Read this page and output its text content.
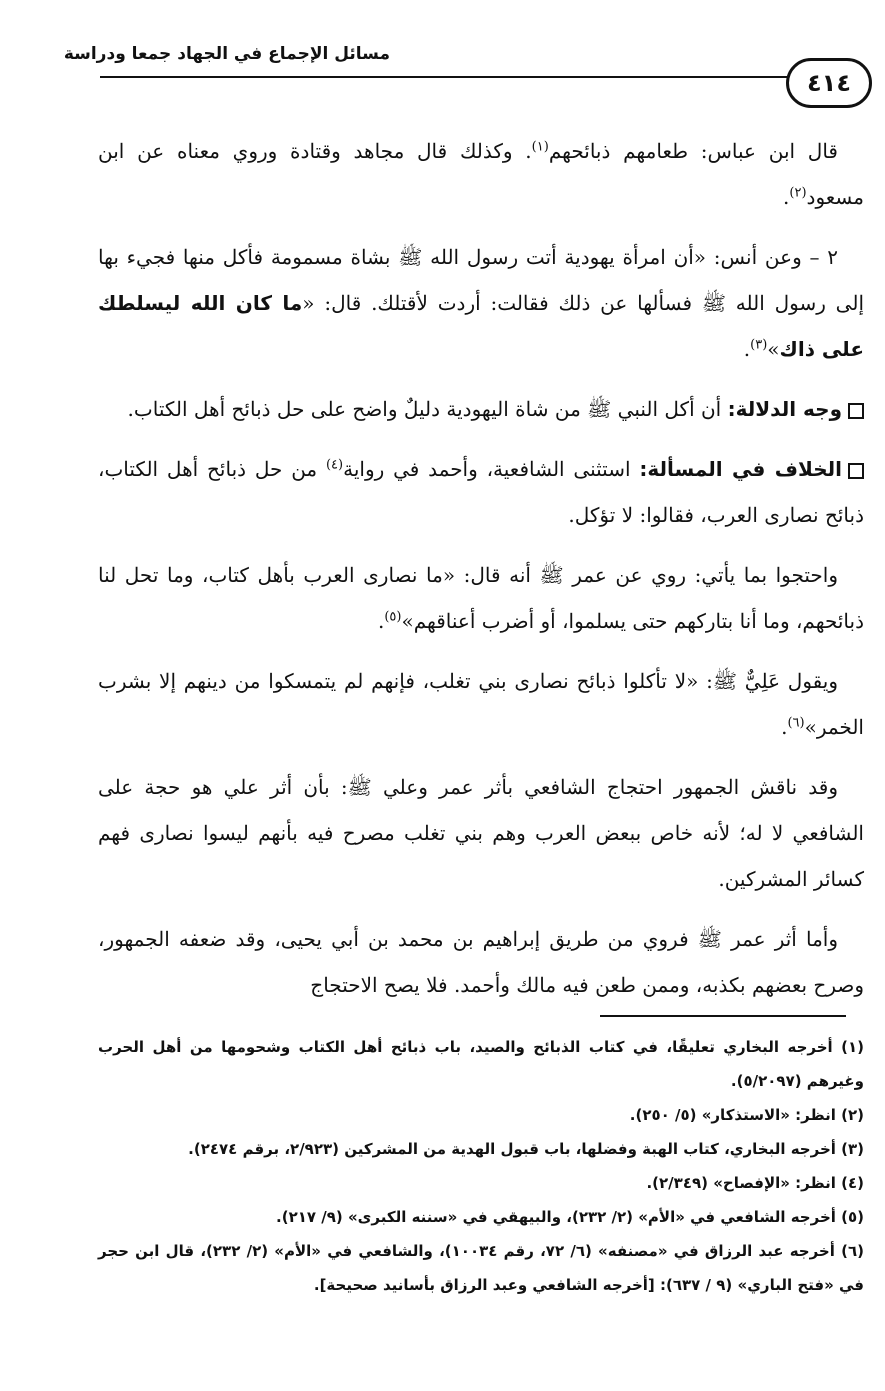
مسائل الإجماع في الجهاد جمعا ودراسة
٤١٤

قال ابن عباس: طعامهم ذبائحهم$^{(١)}$. وكذلك قال مجاهد وقتادة وروي معناه عن ابن مسعود$^{(٢)}$.

٢ – وعن أنس: «أن امرأة يهودية أتت رسول الله ﷺ بشاة مسمومة فأكل منها فجيء بها إلى رسول الله ﷺ فسألها عن ذلك فقالت: أردت لأقتلك. قال: «ما كان الله ليسلطك على ذاك»$^{(٣)}$.

وجه الدلالة: أن أكل النبي ﷺ من شاة اليهودية دليلٌ واضح على حل ذبائح أهل الكتاب.

الخلاف في المسألة: استثنى الشافعية، وأحمد في رواية$^{(٤)}$ من حل ذبائح أهل الكتاب، ذبائح نصارى العرب، فقالوا: لا تؤكل.

واحتجوا بما يأتي: روي عن عمر ﷺ أنه قال: «ما نصارى العرب بأهل كتاب، وما تحل لنا ذبائحهم، وما أنا بتاركهم حتى يسلموا، أو أضرب أعناقهم»$^{(٥)}$.

ويقول عَلِيٌّ ﷺ: «لا تأكلوا ذبائح نصارى بني تغلب، فإنهم لم يتمسكوا من دينهم إلا بشرب الخمر»$^{(٦)}$.

وقد ناقش الجمهور احتجاج الشافعي بأثر عمر وعلي ﷺ: بأن أثر علي هو حجة على الشافعي لا له؛ لأنه خاص ببعض العرب وهم بني تغلب مصرح فيه بأنهم ليسوا نصارى فهم كسائر المشركين.

وأما أثر عمر ﷺ فروي من طريق إبراهيم بن محمد بن أبي يحيى، وقد ضعفه الجمهور، وصرح بعضهم بكذبه، وممن طعن فيه مالك وأحمد. فلا يصح الاحتجاج

(١) أخرجه البخاري تعليقًا، في كتاب الذبائح والصيد، باب ذبائح أهل الكتاب وشحومها من أهل الحرب وغيرهم (٥/٢٠٩٧).

(٢) انظر: «الاستذكار» (٥/ ٢٥٠).

(٣) أخرجه البخاري، كتاب الهبة وفضلها، باب قبول الهدية من المشركين (٢/٩٢٣، برقم ٢٤٧٤).

(٤) انظر: «الإفصاح» (٢/٣٤٩).

(٥) أخرجه الشافعي في «الأم» (٢/ ٢٣٢)، والبيهقي في «سننه الكبرى» (٩/ ٢١٧).

(٦) أخرجه عبد الرزاق في «مصنفه» (٦/ ٧٢، رقم ١٠٠٣٤)، والشافعي في «الأم» (٢/ ٢٣٢)، قال ابن حجر في «فتح الباري» (٩ / ٦٣٧): [أخرجه الشافعي وعبد الرزاق بأسانيد صحيحة].
